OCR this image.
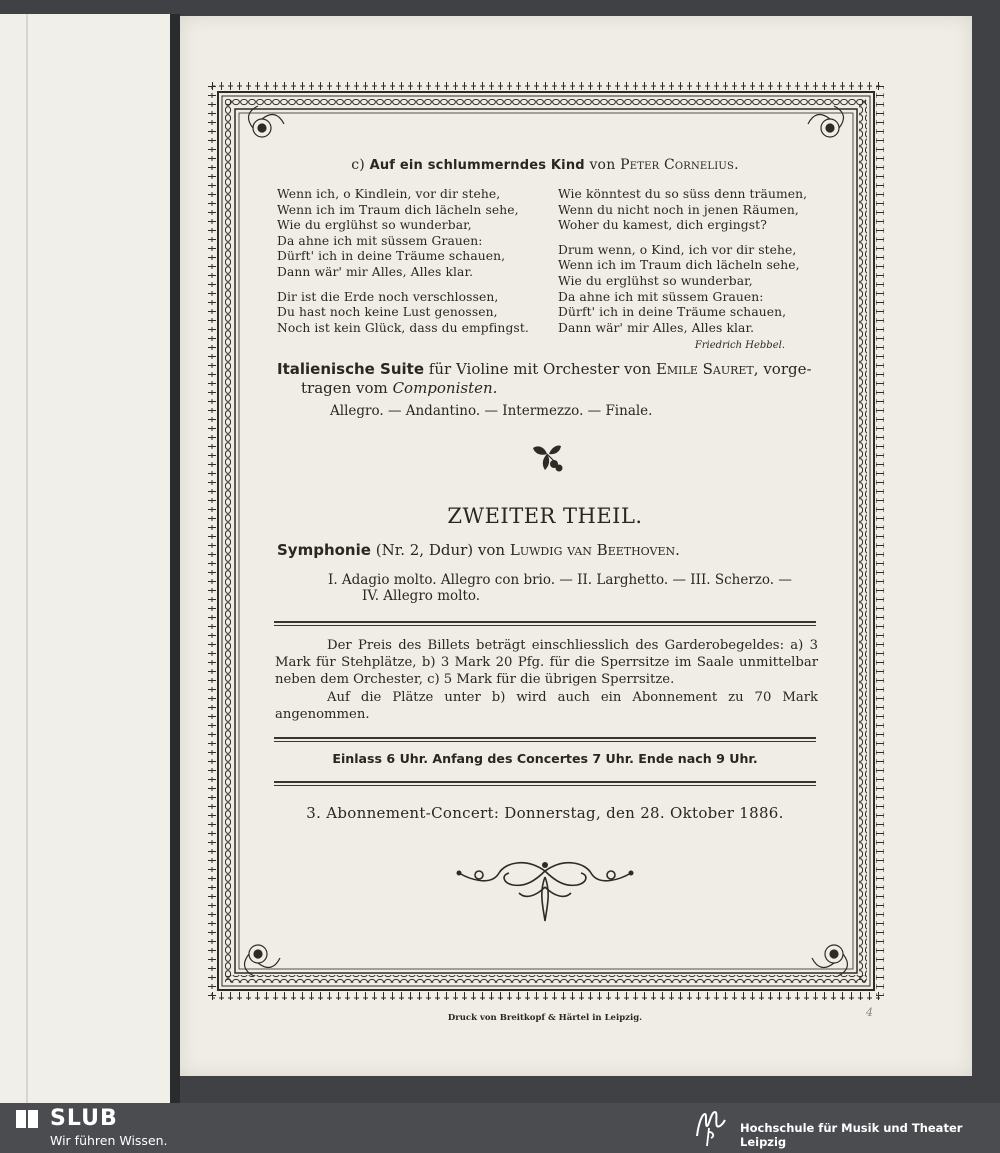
c) Auf ein schlummerndes Kind von Peter Cornelius.
Wenn ich, o Kindlein, vor dir stehe,
Wenn ich im Traum dich lächeln sehe,
Wie du erglühst so wunderbar,
Da ahne ich mit süssem Grauen:
Dürft' ich in deine Träume schauen,
Dann wär' mir Alles, Alles klar.
Dir ist die Erde noch verschlossen,
Du hast noch keine Lust genossen,
Noch ist kein Glück, dass du empfingst.
Wie könntest du so süss denn träumen,
Wenn du nicht noch in jenen Räumen,
Woher du kamest, dich ergingst?
Drum wenn, o Kind, ich vor dir stehe,
Wenn ich im Traum dich lächeln sehe,
Wie du erglühst so wunderbar,
Da ahne ich mit süssem Grauen:
Dürft' ich in deine Träume schauen,
Dann wär' mir Alles, Alles klar.
Friedrich Hebbel.
Italienische Suite für Violine mit Orchester von Emile Sauret, vorge-
tragen vom Componisten.
Allegro. — Andantino. — Intermezzo. — Finale.
ZWEITER THEIL.
Symphonie (Nr. 2, Ddur) von Luwdig van Beethoven.
I. Adagio molto. Allegro con brio. — II. Larghetto. — III. Scherzo. —
IV. Allegro molto.

Der Preis des Billets beträgt einschliesslich des Garderobegeldes: a) 3 Mark für Stehplätze, b) 3 Mark 20 Pfg. für die Sperrsitze im Saale unmittelbar neben dem Orchester, c) 5 Mark für die übrigen Sperrsitze.

Auf die Plätze unter b) wird auch ein Abonnement zu 70 Mark angenommen.

Einlass 6 Uhr. Anfang des Concertes 7 Uhr. Ende nach 9 Uhr.
3. Abonnement-Concert: Donnerstag, den 28. Oktober 1886.
Druck von Breitkopf & Härtel in Leipzig.	4
SLUB
Wir führen Wissen.
Hochschule für Musik und Theater Leipzig
